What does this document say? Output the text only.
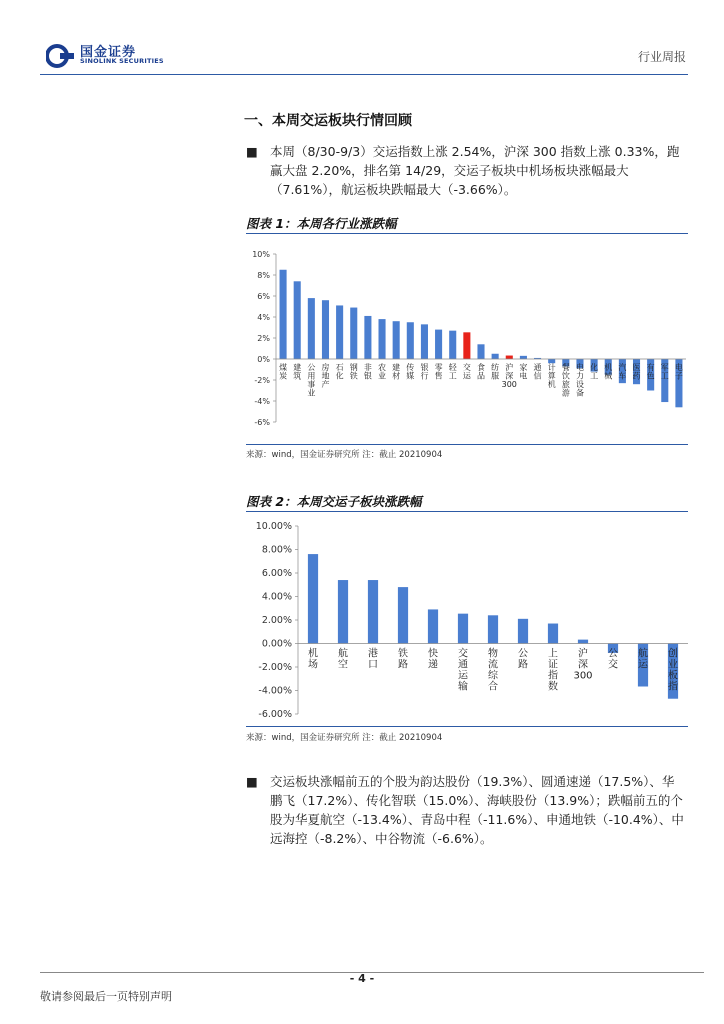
国金证券
SINOLINK SECURITIES	行业周报
一、本周交运板块行情回顾
■ 本周（8/30-9/3）交运指数上涨 2.54%，沪深 300 指数上涨 0.33%，跑赢大盘 2.20%，排名第 14/29，交运子板块中机场板块涨幅最大（7.61%），航运板块跌幅最大（-3.66%）。
图表 1：本周各行业涨跌幅
10%
8%
6%
4%
2%
0%
-2%
-4%
-6%
煤炭
建筑
公用事业
房地产
石化
钢铁
非银
农业
建材
传媒
银行
零售
轻工
交运
食品
纺服
沪深 300
家电
通信
计算机
餐饮旅游
电力设备
化工
机械
汽车
医药
有色
军工
电子
来源：wind，国金证券研究所 注：截止 20210904
图表 2：本周交运子板块涨跌幅
10.00%
8.00%
6.00%
4.00%
2.00%
0.00%
-2.00%
-4.00%
-6.00%
机场
航空
港口
铁路
快递
交通运输
物流综合
公路
上证指数
沪深 300
公交
航运
创业板指
来源：wind，国金证券研究所 注：截止 20210904
■ 交运板块涨幅前五的个股为韵达股份（19.3%）、圆通速递（17.5%）、华鹏飞（17.2%）、传化智联（15.0%）、海峡股份（13.9%）；跌幅前五的个股为华夏航空（-13.4%）、青岛中程（-11.6%）、申通地铁（-10.4%）、中远海控（-8.2%）、中谷物流（-6.6%）。
- 4 -
敬请参阅最后一页特别声明
